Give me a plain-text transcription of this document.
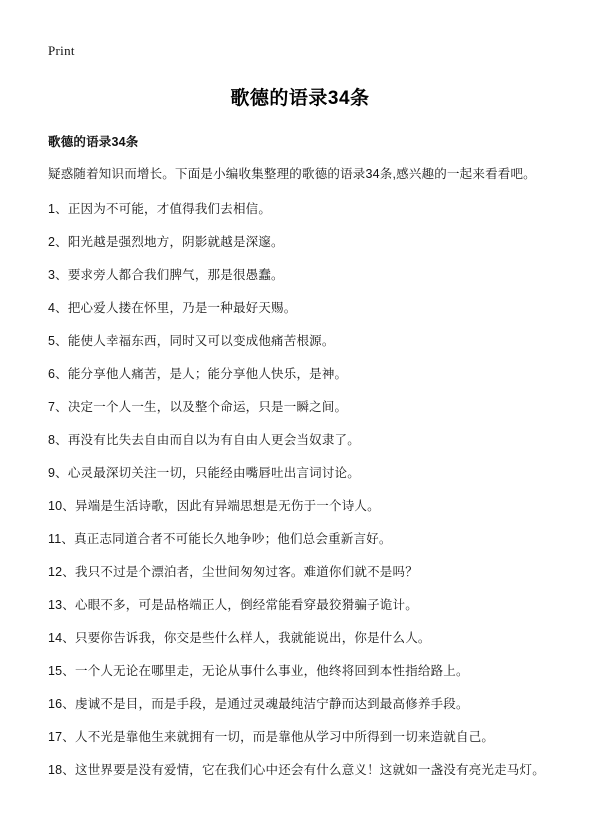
Print
歌德的语录34条
歌德的语录34条

疑惑随着知识而增长。下面是小编收集整理的歌德的语录34条,感兴趣的一起来看看吧。

1、正因为不可能，才值得我们去相信。
2、阳光越是强烈地方，阴影就越是深邃。
3、要求旁人都合我们脾气，那是很愚蠢。
4、把心爱人搂在怀里，乃是一种最好天赐。
5、能使人幸福东西，同时又可以变成他痛苦根源。
6、能分享他人痛苦，是人；能分享他人快乐，是神。
7、决定一个人一生，以及整个命运，只是一瞬之间。
8、再没有比失去自由而自以为有自由人更会当奴隶了。
9、心灵最深切关注一切，只能经由嘴唇吐出言词讨论。
10、异端是生活诗歌，因此有异端思想是无伤于一个诗人。
11、真正志同道合者不可能长久地争吵；他们总会重新言好。
12、我只不过是个漂泊者，尘世间匆匆过客。难道你们就不是吗？
13、心眼不多，可是品格端正人，倒经常能看穿最狡猾骗子诡计。
14、只要你告诉我，你交是些什么样人，我就能说出，你是什么人。
15、一个人无论在哪里走，无论从事什么事业，他终将回到本性指给路上。
16、虔诚不是目，而是手段，是通过灵魂最纯洁宁静而达到最高修养手段。
17、人不光是靠他生来就拥有一切，而是靠他从学习中所得到一切来造就自己。
18、这世界要是没有爱情，它在我们心中还会有什么意义！这就如一盏没有亮光走马灯。
